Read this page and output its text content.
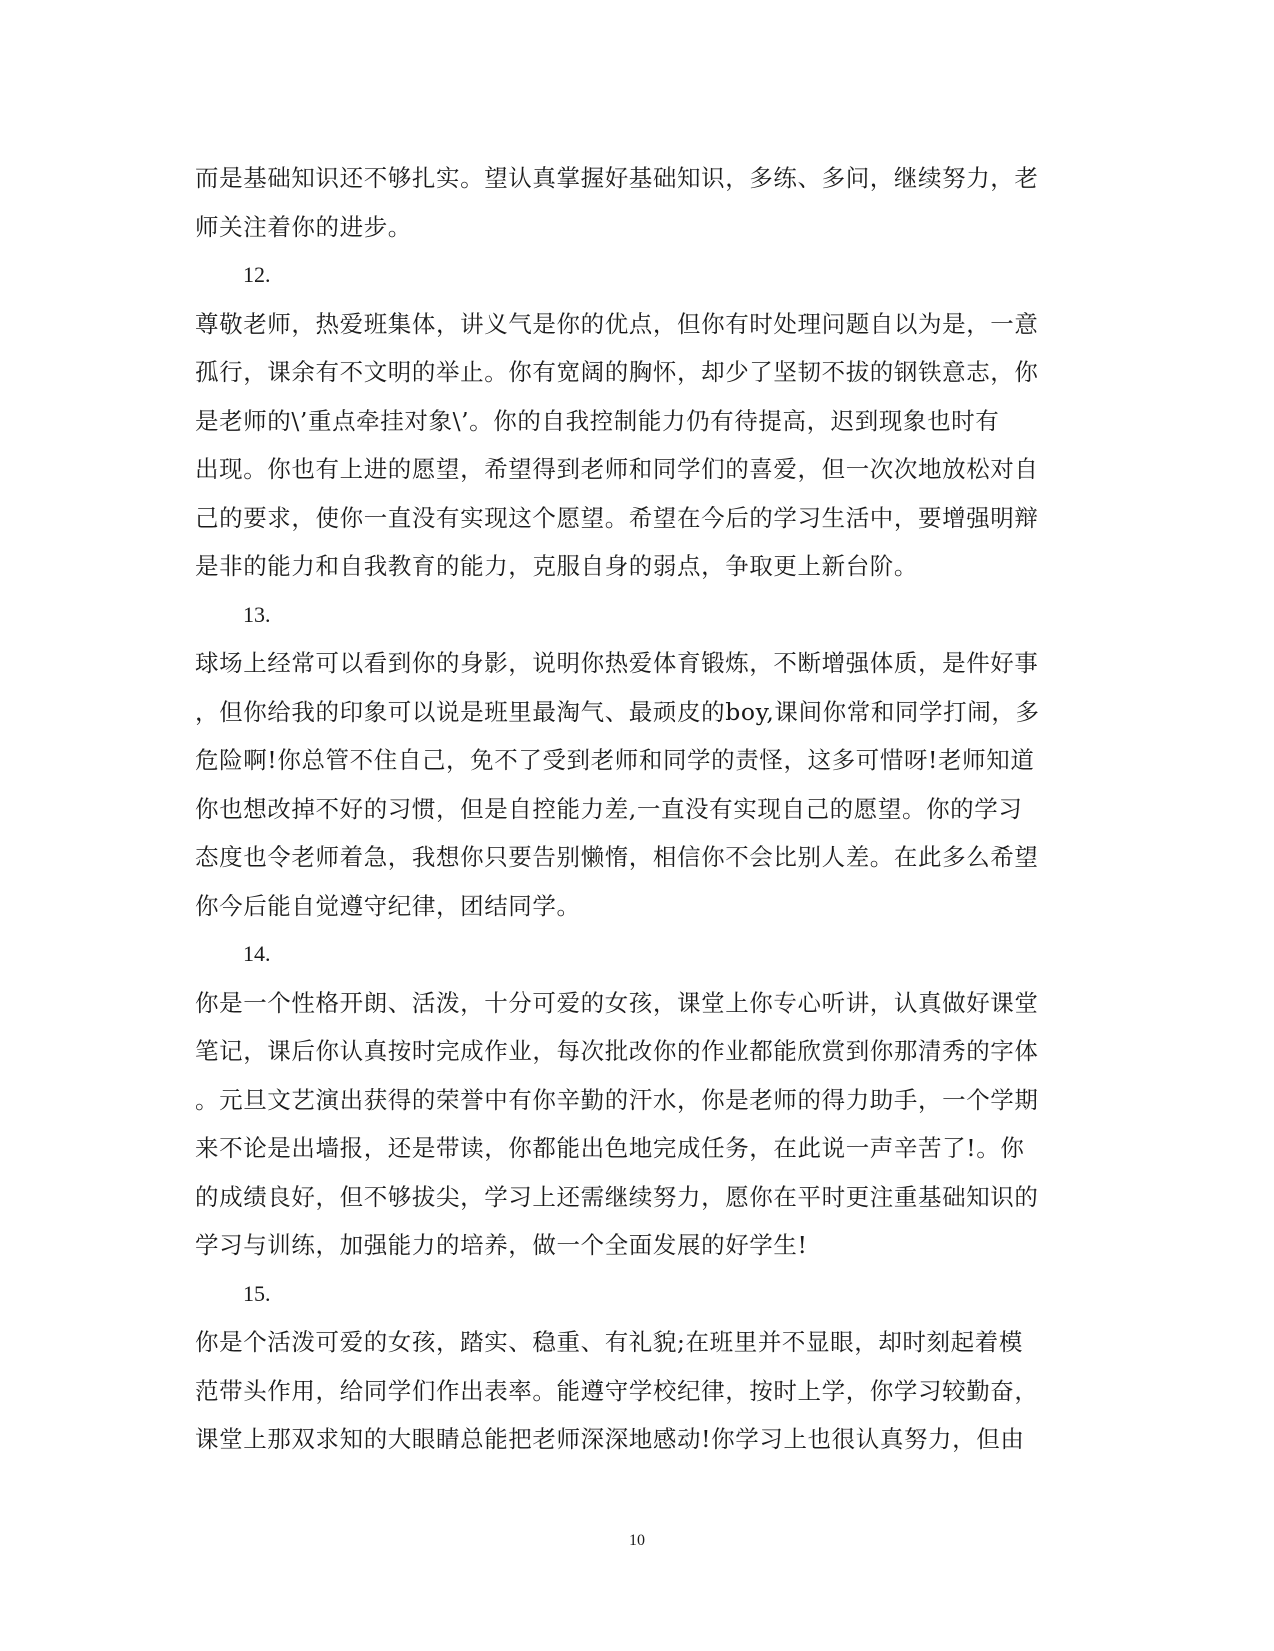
而是基础知识还不够扎实。望认真掌握好基础知识，多练、多问，继续努力，老
师关注着你的进步。
12.
尊敬老师，热爱班集体，讲义气是你的优点，但你有时处理问题自以为是，一意
孤行，课余有不文明的举止。你有宽阔的胸怀，却少了坚韧不拔的钢铁意志，你
是老师的\’重点牵挂对象\’。你的自我控制能力仍有待提高，迟到现象也时有
出现。你也有上进的愿望，希望得到老师和同学们的喜爱，但一次次地放松对自
己的要求，使你一直没有实现这个愿望。希望在今后的学习生活中，要增强明辩
是非的能力和自我教育的能力，克服自身的弱点，争取更上新台阶。
13.
球场上经常可以看到你的身影，说明你热爱体育锻炼，不断增强体质，是件好事
，但你给我的印象可以说是班里最淘气、最顽皮的boy,课间你常和同学打闹，多
危险啊!你总管不住自己，免不了受到老师和同学的责怪，这多可惜呀!老师知道
你也想改掉不好的习惯，但是自控能力差,一直没有实现自己的愿望。你的学习
态度也令老师着急，我想你只要告别懒惰，相信你不会比别人差。在此多么希望
你今后能自觉遵守纪律，团结同学。
14.
你是一个性格开朗、活泼，十分可爱的女孩，课堂上你专心听讲，认真做好课堂
笔记，课后你认真按时完成作业，每次批改你的作业都能欣赏到你那清秀的字体
。元旦文艺演出获得的荣誉中有你辛勤的汗水，你是老师的得力助手，一个学期
来不论是出墙报，还是带读，你都能出色地完成任务，在此说一声辛苦了!。你
的成绩良好，但不够拔尖，学习上还需继续努力，愿你在平时更注重基础知识的
学习与训练，加强能力的培养，做一个全面发展的好学生!
15.
你是个活泼可爱的女孩，踏实、稳重、有礼貌;在班里并不显眼，却时刻起着模
范带头作用，给同学们作出表率。能遵守学校纪律，按时上学，你学习较勤奋，
课堂上那双求知的大眼睛总能把老师深深地感动!你学习上也很认真努力，但由
10
